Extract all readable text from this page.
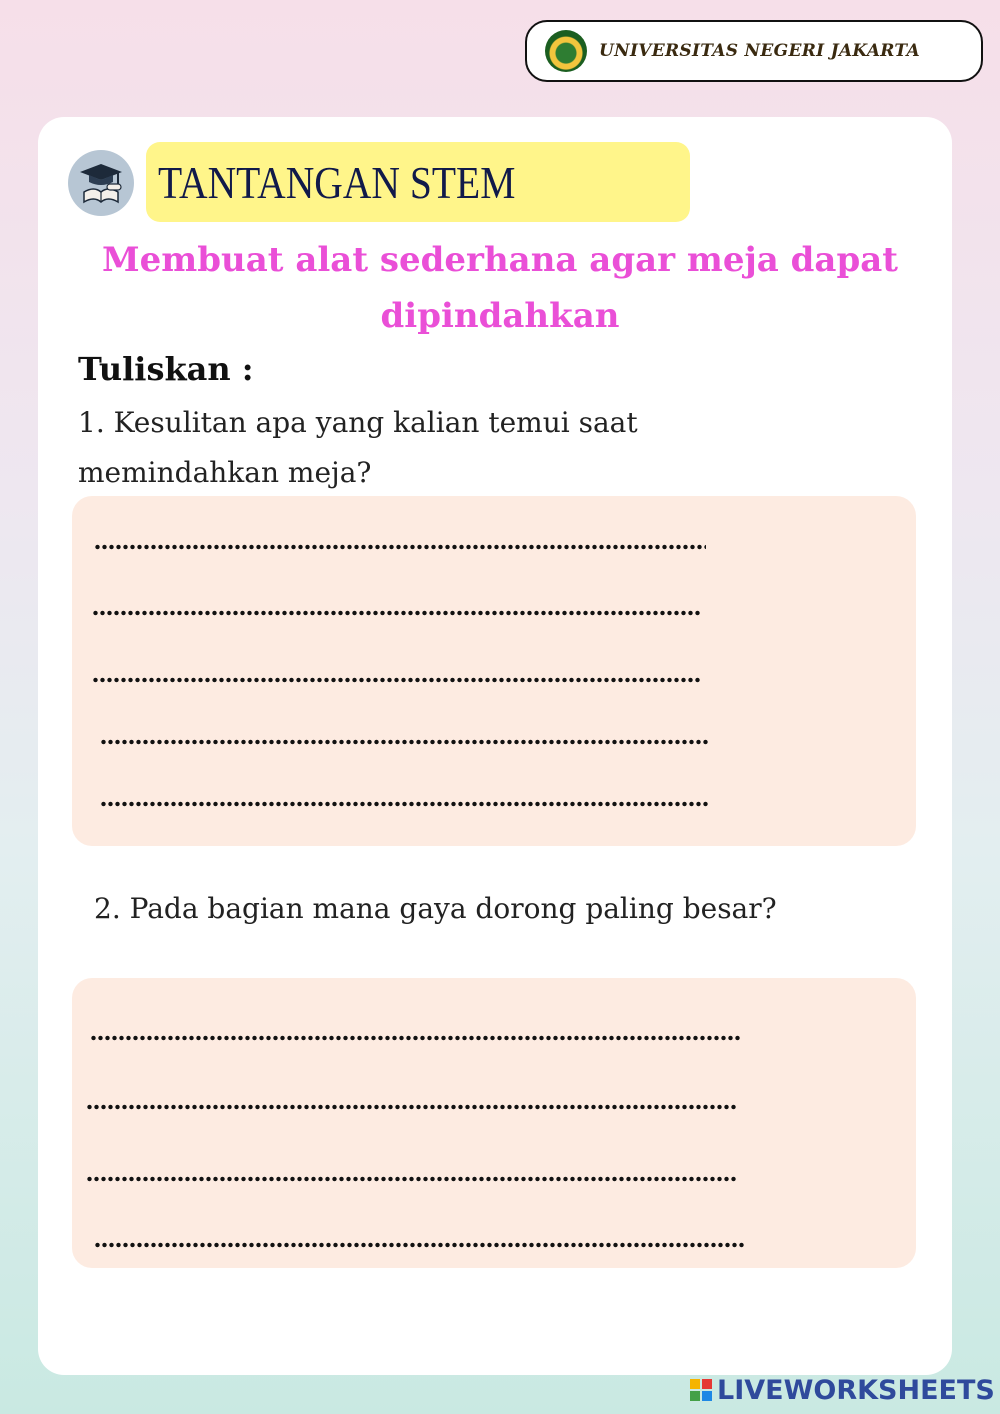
UNIVERSITAS NEGERI JAKARTA
TANTANGAN STEM
Membuat alat sederhana agar meja dapat dipindahkan
Tuliskan :
1. Kesulitan apa yang kalian temui saat memindahkan meja?
2. Pada bagian mana gaya dorong paling besar?
LIVEWORKSHEETS
